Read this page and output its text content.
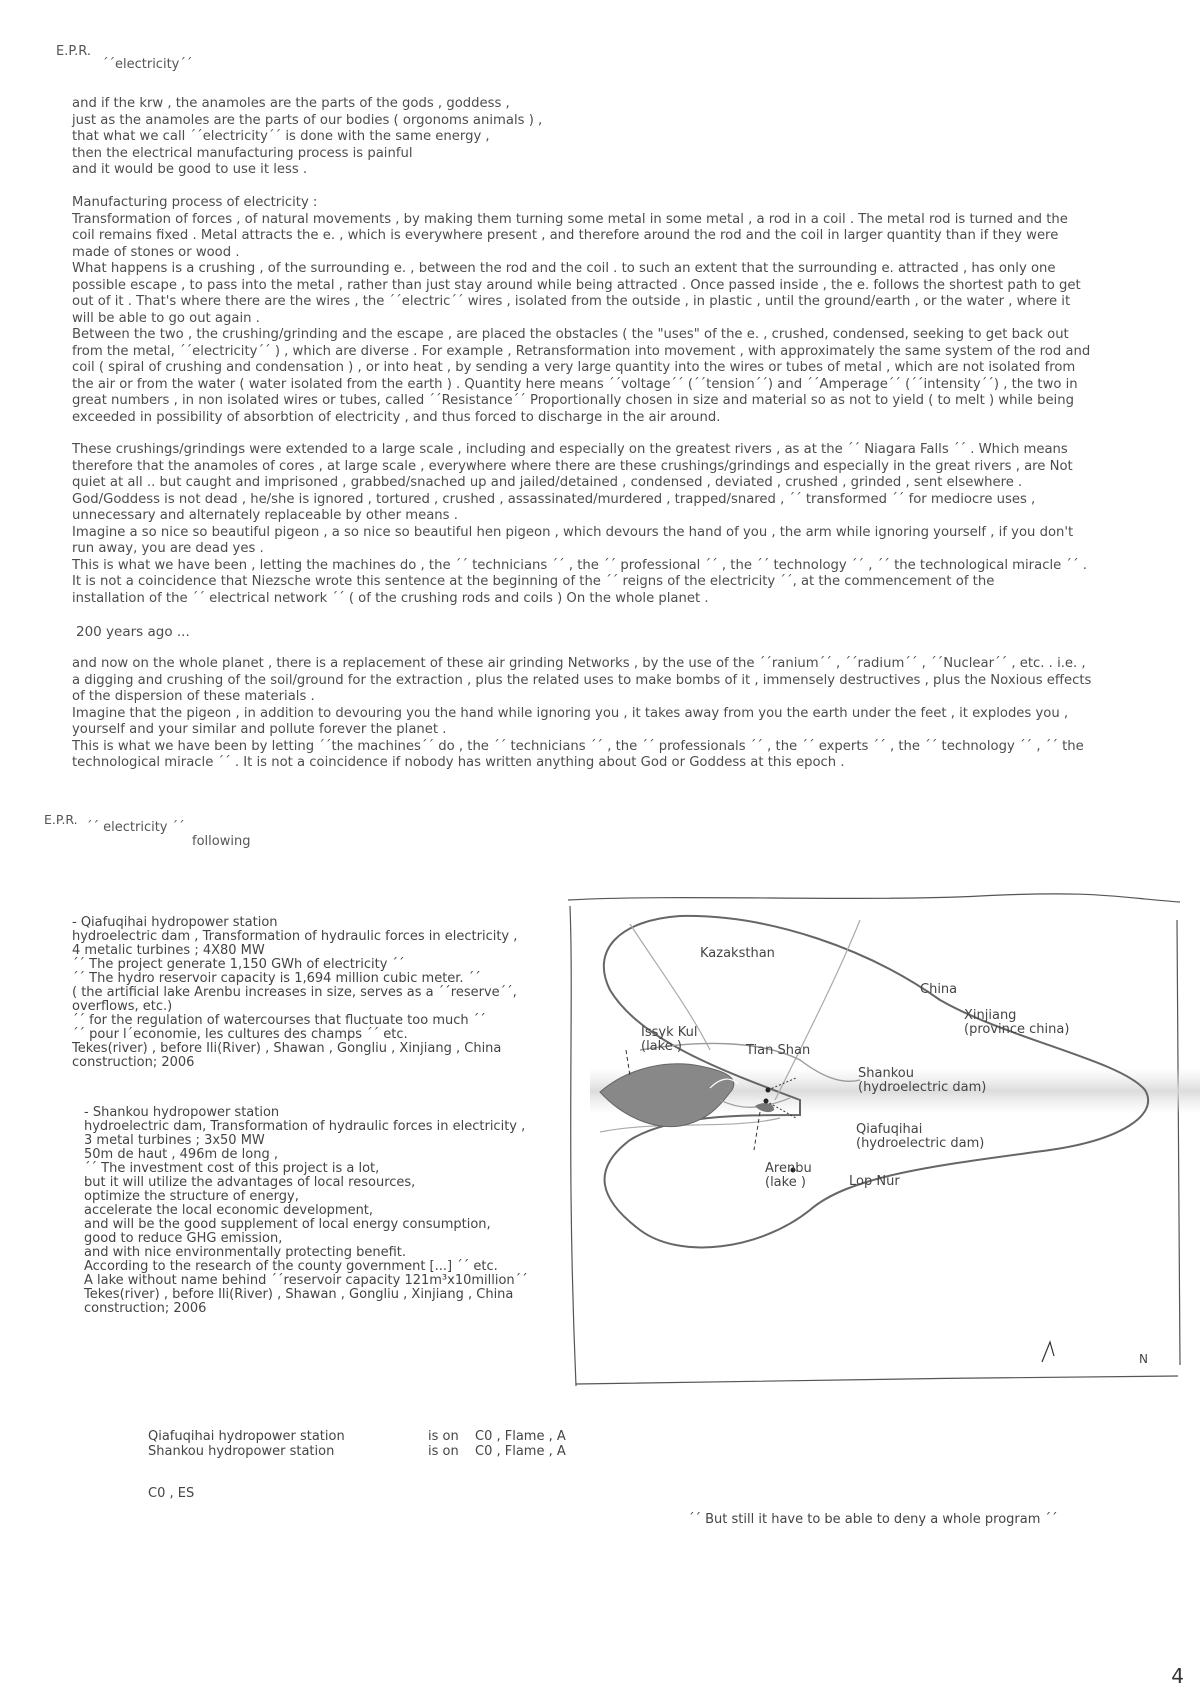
E.P.R.
´´electricity´´
and if the krw , the anamoles are the parts of the gods , goddess ,
just as the anamoles are the parts of our bodies ( orgonoms animals ) ,
that what we call ´´electricity´´ is done with the same energy ,
then the electrical manufacturing process is painful
and it would be good to use it less .
Manufacturing process of electricity :
Transformation of forces , of natural movements , by making them turning some metal in some metal , a rod in a coil . The metal rod is turned and the
coil remains fixed . Metal attracts the e. , which is everywhere present , and therefore around the rod and the coil in larger quantity than if they were
made of stones or wood .
What happens is a crushing , of the surrounding e. , between the rod and the coil . to such an extent that the surrounding e. attracted , has only one
possible escape , to pass into the metal , rather than just stay around while being attracted . Once passed inside , the e. follows the shortest path to get
out of it . That's where there are the wires , the ´´electric´´ wires , isolated from the outside , in plastic , until the ground/earth , or the water , where it
will be able to go out again .
Between the two , the crushing/grinding and the escape , are placed the obstacles ( the "uses" of the e. , crushed, condensed, seeking to get back out
from the metal, ´´electricity´´ ) , which are diverse . For example , Retransformation into movement , with approximately the same system of the rod and
coil ( spiral of crushing and condensation ) , or into heat , by sending a very large quantity into the wires or tubes of metal , which are not isolated from
the air or from the water ( water isolated from the earth ) . Quantity here means ´´voltage´´ (´´tension´´) and ´´Amperage´´ (´´intensity´´) , the two in
great numbers , in non isolated wires or tubes, called ´´Resistance´´ Proportionally chosen in size and material so as not to yield ( to melt ) while being
exceeded in possibility of absorbtion of electricity , and thus forced to discharge in the air around.
These crushings/grindings were extended to a large scale , including and especially on the greatest rivers , as at the ´´ Niagara Falls ´´ . Which means
therefore that the anamoles of cores , at large scale , everywhere where there are these crushings/grindings and especially in the great rivers , are Not
quiet at all .. but caught and imprisoned , grabbed/snached up and jailed/detained , condensed , deviated , crushed , grinded , sent elsewhere .
God/Goddess is not dead , he/she is ignored , tortured , crushed , assassinated/murdered , trapped/snared , ´´ transformed ´´ for mediocre uses ,
unnecessary and alternately replaceable by other means .
Imagine a so nice so beautiful pigeon , a so nice so beautiful hen pigeon , which devours the hand of you , the arm while ignoring yourself , if you don't
run away, you are dead yes .
This is what we have been , letting the machines do , the ´´ technicians ´´ , the ´´ professional ´´ , the ´´ technology ´´ , ´´ the technological miracle ´´ .
It is not a coincidence that Niezsche wrote this sentence at the beginning of the ´´ reigns of the electricity ´´, at the commencement of the
installation of the ´´ electrical network ´´ ( of the crushing rods and coils ) On the whole planet .
200 years ago ...
and now on the whole planet , there is a replacement of these air grinding Networks , by the use of the ´´ranium´´ , ´´radium´´ , ´´Nuclear´´ , etc. . i.e. ,
a digging and crushing of the soil/ground for the extraction , plus the related uses to make bombs of it , immensely destructives , plus the Noxious effects
of the dispersion of these materials .
Imagine that the pigeon , in addition to devouring you the hand while ignoring you , it takes away from you the earth under the feet , it explodes you ,
yourself and your similar and pollute forever the planet .
This is what we have been by letting ´´the machines´´ do , the ´´ technicians ´´ , the ´´ professionals ´´ , the ´´ experts ´´ , the ´´ technology ´´ , ´´ the
technological miracle ´´ . It is not a coincidence if nobody has written anything about God or Goddess at this epoch .
E.P.R.
´´ electricity ´´
following
- Qiafuqihai hydropower station
hydroelectric dam , Transformation of hydraulic forces in electricity ,
4 metalic turbines ; 4X80 MW
´´ The project generate 1,150 GWh of electricity ´´
´´ The hydro reservoir capacity is 1,694 million cubic meter. ´´
( the artificial lake Arenbu increases in size, serves as a ´´reserve´´,
overflows, etc.)
´´ for the regulation of watercourses that fluctuate too much ´´
´´ pour l´economie, les cultures des champs ´´ etc.
Tekes(river) , before Ili(River) , Shawan , Gongliu , Xinjiang , China
construction; 2006
- Shankou hydropower station
hydroelectric dam, Transformation of hydraulic forces in electricity ,
3 metal turbines ; 3x50 MW
50m de haut , 496m de long ,
´´ The investment cost of this project is a lot,
but it will utilize the advantages of local resources,
optimize the structure of energy,
accelerate the local economic development,
and will be the good supplement of local energy consumption,
good to reduce GHG emission,
and with nice environmentally protecting benefit.
According to the research of the county government [...] ´´ etc.
A lake without name behind ´´reservoir capacity 121m³x10million´´
Tekes(river) , before Ili(River) , Shawan , Gongliu , Xinjiang , China
construction; 2006
Kazaksthan
China
Xinjiang
(province china)
Issyk Kul
(lake )	Tian Shan
Shankou
(hydroelectric dam)
Qiafuqihai
(hydroelectric dam)
Arenbu
(lake )	Lop Nur
N
Qiafuqihai hydropower station	is on C0 , Flame , A
Shankou hydropower station	is on C0 , Flame , A
C0 , ES
´´ But still it have to be able to deny a whole program ´´
4
